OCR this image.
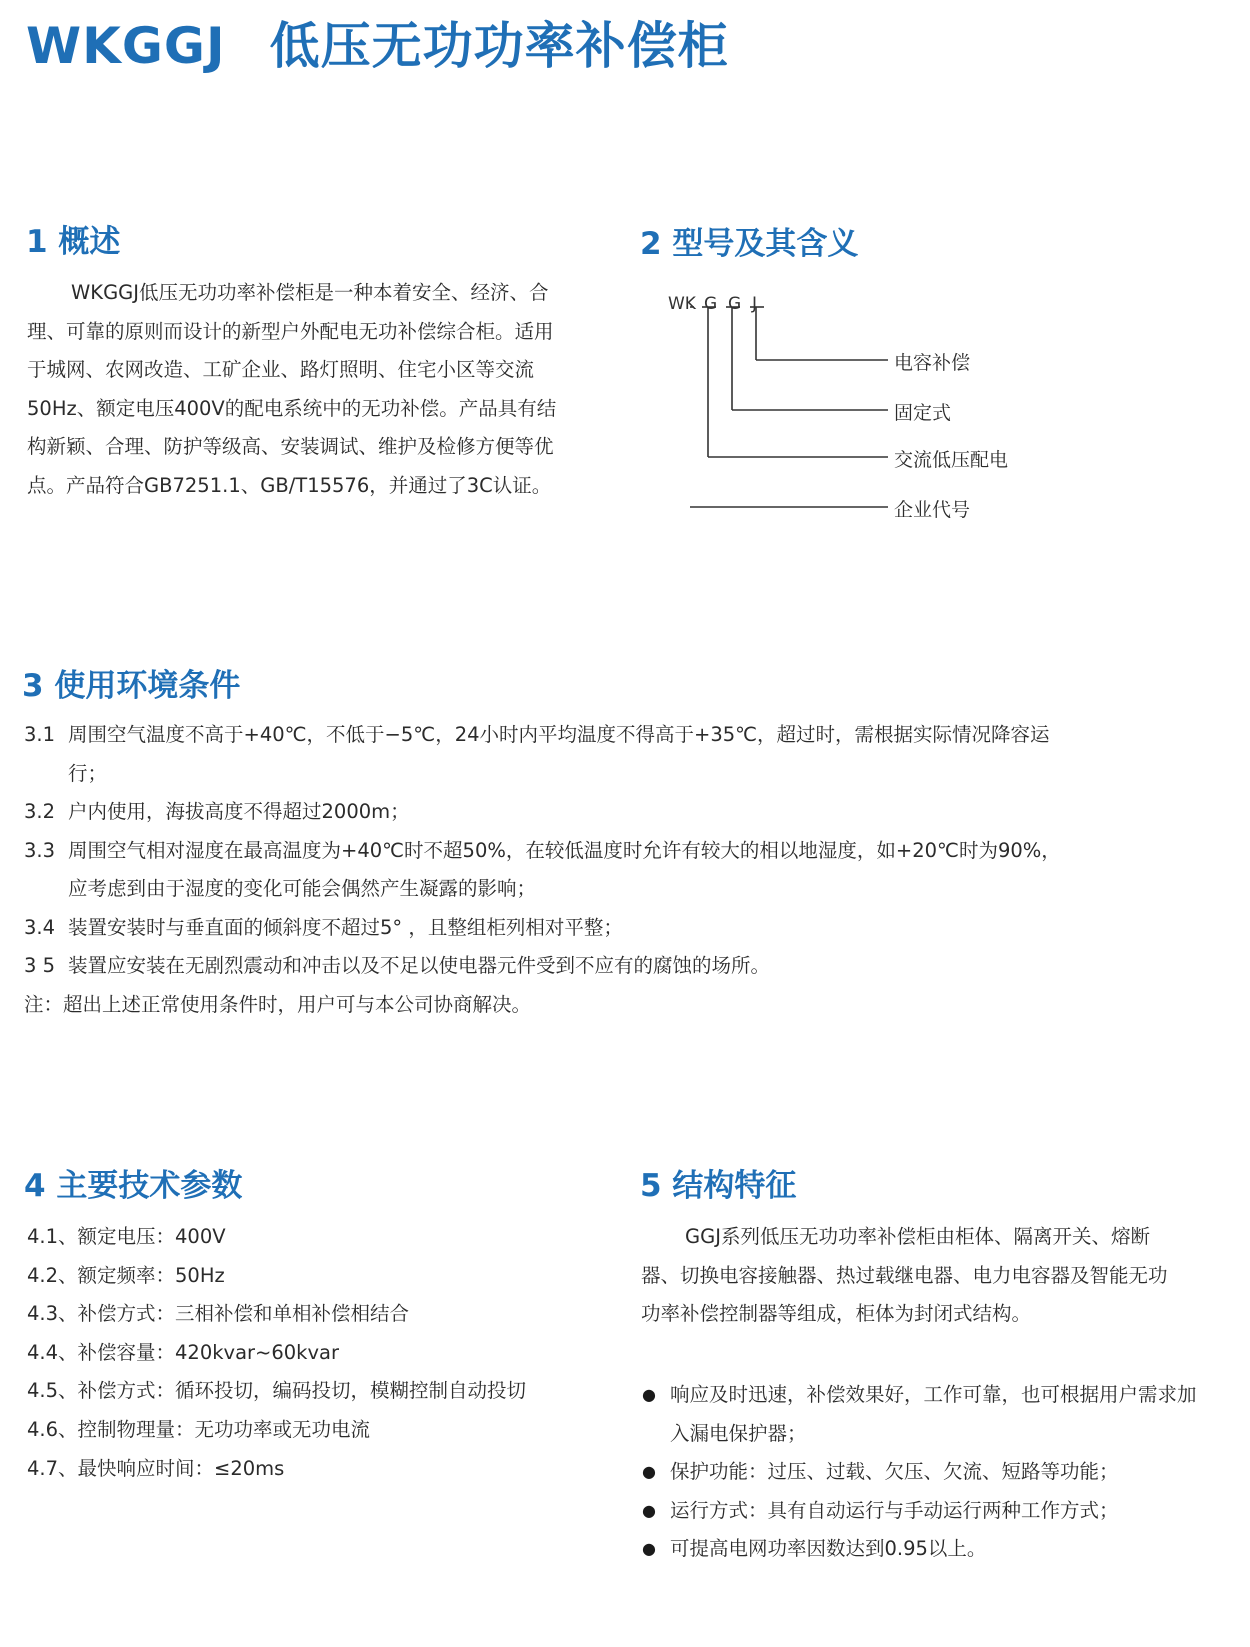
WKGGJ 低压无功功率补偿柜
1 概述

WKGGJ低压无功功率补偿柜是一种本着安全、经济、合理、可靠的原则而设计的新型户外配电无功补偿综合柜。适用于城网、农网改造、工矿企业、路灯照明、住宅小区等交流50Hz、额定电压400V的配电系统中的无功补偿。产品具有结构新颖、合理、防护等级高、安装调试、维护及检修方便等优点。产品符合GB7251.1、GB/T15576，并通过了3C认证。

2 型号及其含义
WK G G J
电容补偿
固定式
交流低压配电
企业代号
3 使用环境条件
3.1 周围空气温度不高于+40℃，不低于−5℃，24小时内平均温度不得高于+35℃，超过时，需根据实际情况降容运行；
3.2 户内使用，海拔高度不得超过2000m；
3.3 周围空气相对湿度在最高温度为+40℃时不超50%，在较低温度时允许有较大的相以地湿度，如+20℃时为90%，应考虑到由于湿度的变化可能会偶然产生凝露的影响；
3.4 装置安装时与垂直面的倾斜度不超过5° ，且整组柜列相对平整；
3 5 装置应安装在无剧烈震动和冲击以及不足以使电器元件受到不应有的腐蚀的场所。
注：超出上述正常使用条件时，用户可与本公司协商解决。
4 主要技术参数
4.1、额定电压：400V
4.2、额定频率：50Hz
4.3、补偿方式：三相补偿和单相补偿相结合
4.4、补偿容量：420kvar~60kvar
4.5、补偿方式：循环投切，编码投切，模糊控制自动投切
4.6、控制物理量：无功功率或无功电流
4.7、最快响应时间：≤20ms
5 结构特征

GGJ系列低压无功功率补偿柜由柜体、隔离开关、熔断器、切换电容接触器、热过载继电器、电力电容器及智能无功功率补偿控制器等组成，柜体为封闭式结构。

● 响应及时迅速，补偿效果好，工作可靠，也可根据用户需求加入漏电保护器；
● 保护功能：过压、过载、欠压、欠流、短路等功能；
● 运行方式：具有自动运行与手动运行两种工作方式；
● 可提高电网功率因数达到0.95以上。
